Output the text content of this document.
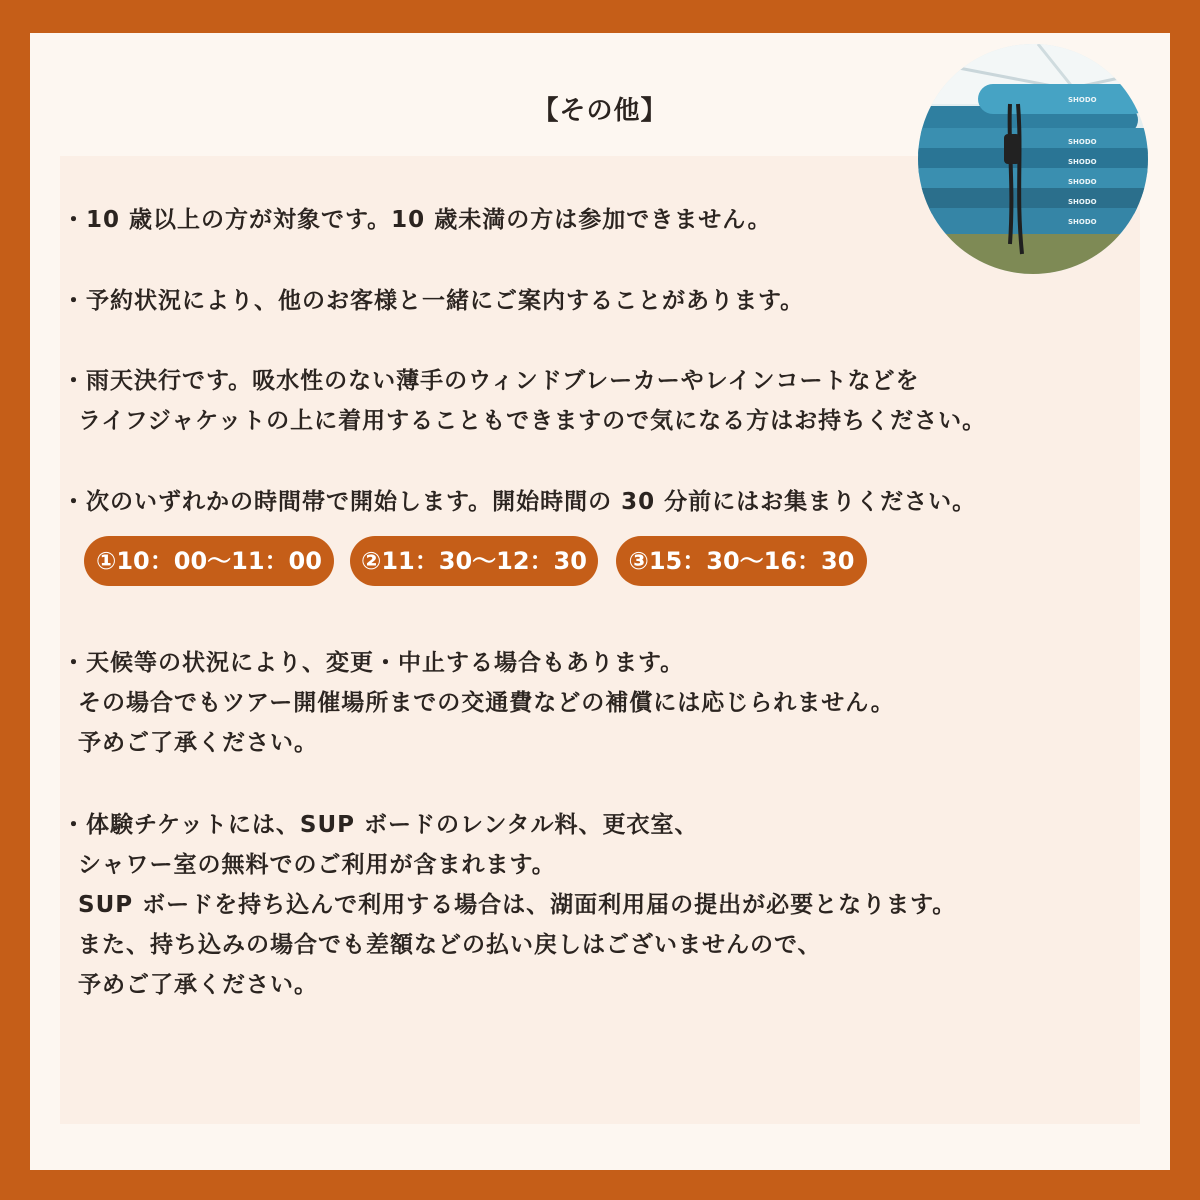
【その他】	SHODO
SHODO
SHODO
SHODO
SHODO
SHODO
・10 歳以上の方が対象です。10 歳未満の方は参加できません。
・予約状況により、他のお客様と一緒にご案内することがあります。
・雨天決行です。吸水性のない薄手のウィンドブレーカーやレインコートなどを
ライフジャケットの上に着用することもできますので気になる方はお持ちください。
・次のいずれかの時間帯で開始します。開始時間の 30 分前にはお集まりください。
①10：00〜11：00	②11：30〜12：30	③15：30〜16：30
・天候等の状況により、変更・中止する場合もあります。
その場合でもツアー開催場所までの交通費などの補償には応じられません。
予めご了承ください。
・体験チケットには、SUP ボードのレンタル料、更衣室、
シャワー室の無料でのご利用が含まれます。
SUP ボードを持ち込んで利用する場合は、湖面利用届の提出が必要となります。
また、持ち込みの場合でも差額などの払い戻しはございませんので、
予めご了承ください。
